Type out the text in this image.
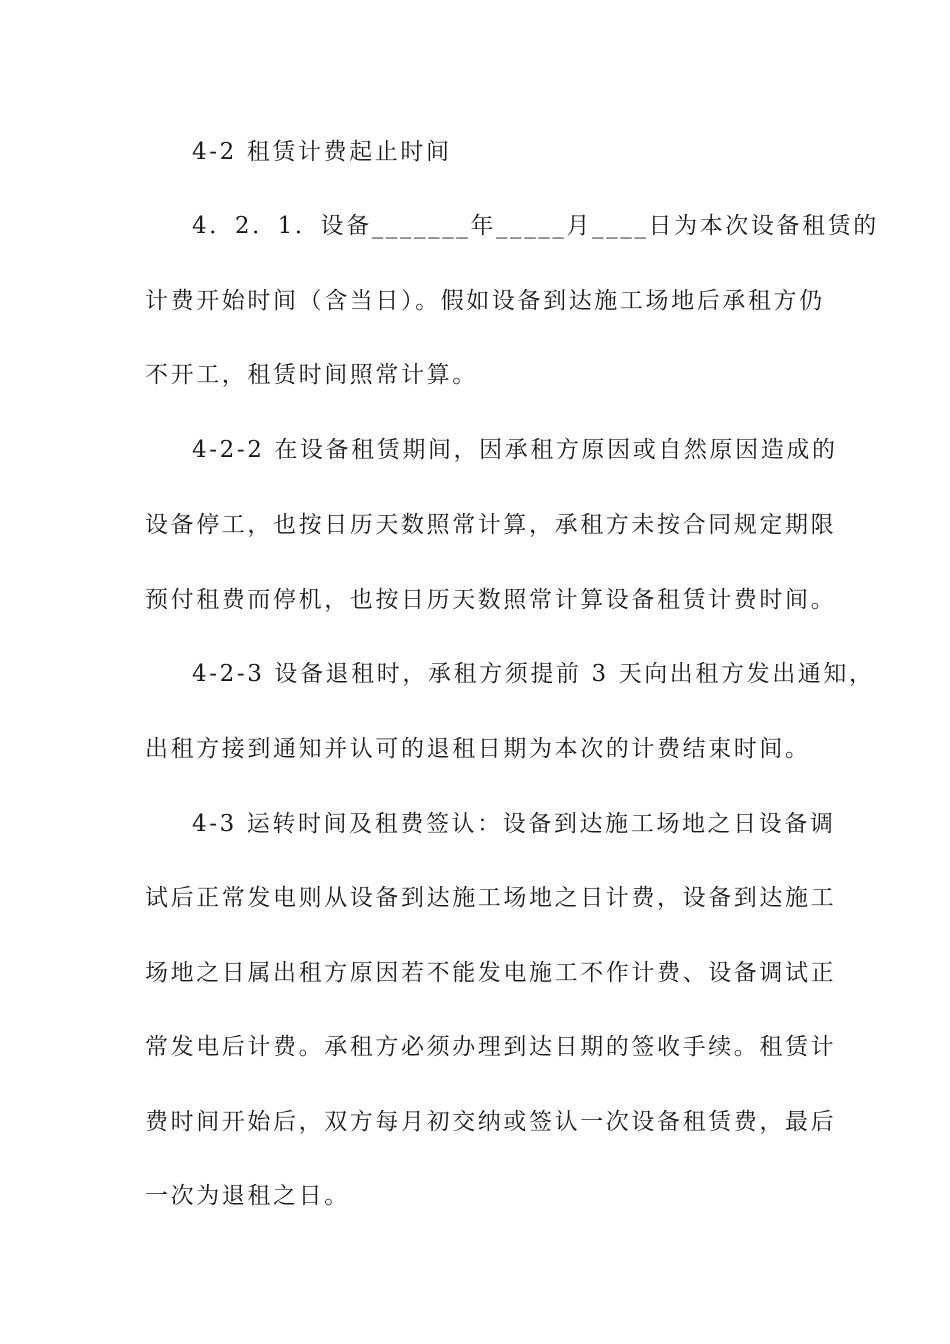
4-2 租赁计费起止时间
4．2．1．设备_______年_____月____日为本次设备租赁的
计费开始时间（含当日）。假如设备到达施工场地后承租方仍
不开工，租赁时间照常计算。
4-2-2 在设备租赁期间，因承租方原因或自然原因造成的
设备停工，也按日历天数照常计算，承租方未按合同规定期限
预付租费而停机，也按日历天数照常计算设备租赁计费时间。
4-2-3 设备退租时，承租方须提前 3 天向出租方发出通知，
出租方接到通知并认可的退租日期为本次的计费结束时间。
4-3 运转时间及租费签认：设备到达施工场地之日设备调
试后正常发电则从设备到达施工场地之日计费，设备到达施工
场地之日属出租方原因若不能发电施工不作计费、设备调试正
常发电后计费。承租方必须办理到达日期的签收手续。租赁计
费时间开始后，双方每月初交纳或签认一次设备租赁费，最后
一次为退租之日。
